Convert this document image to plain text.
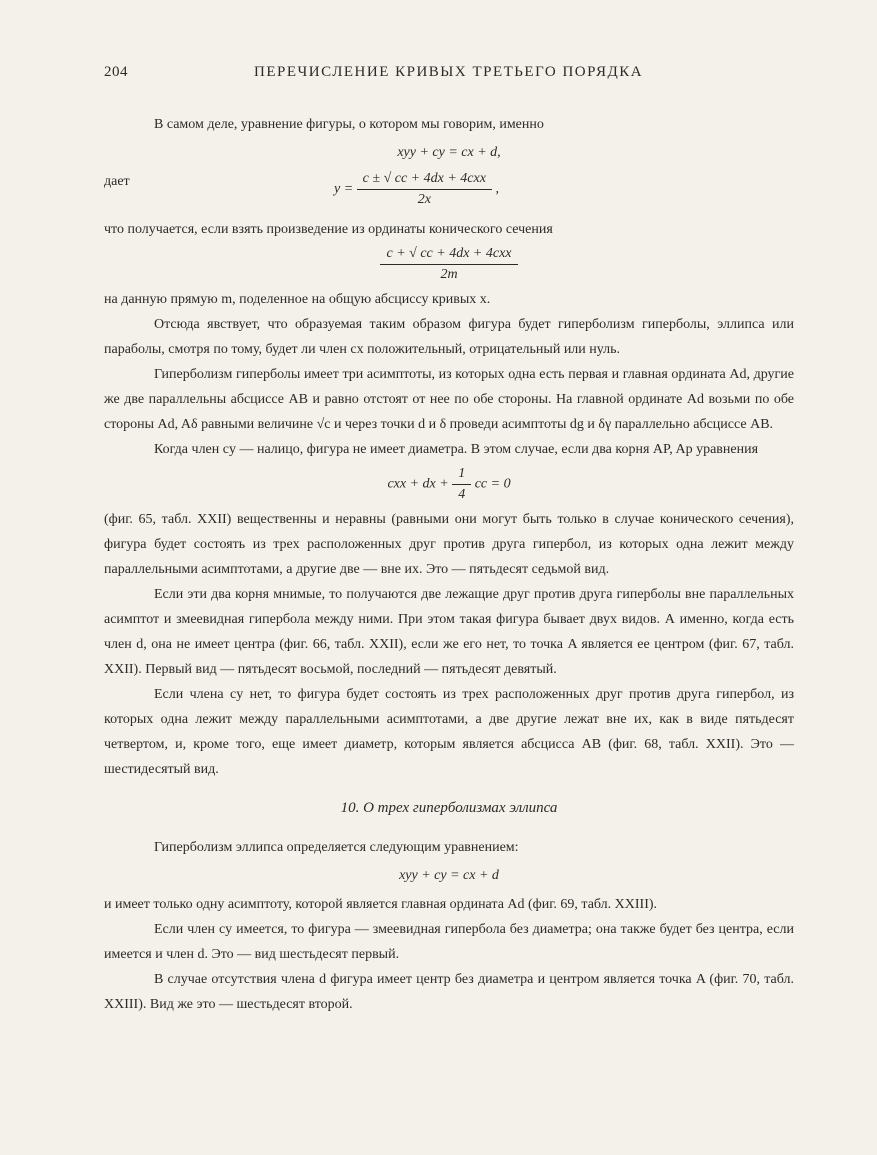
204	ПЕРЕЧИСЛЕНИЕ КРИВЫХ ТРЕТЬЕГО ПОРЯДКА

В самом деле, уравнение фигуры, о котором мы говорим, именно

xyy + cy = cx + d,
дает
$y = \frac{\text{c ± √ cc + 4dx + 4cxx}}{2x}$ ,

что получается, если взять произведение из ординаты конического сечения

$\frac{\text{c + √ cc + 4dx + 4cxx}}{2m}$

на данную прямую m, поделенное на общую абсциссу кривых x.

Отсюда явствует, что образуемая таким образом фигура будет гиперболизм гиперболы, эллипса или параболы, смотря по тому, будет ли член cx положительный, отрицательный или нуль.

Гиперболизм гиперболы имеет три асимптоты, из которых одна есть первая и главная ордината Ad, другие же две параллельны абсциссе AB и равно отстоят от нее по обе стороны. На главной ординате Ad возьми по обе стороны Ad, Aδ равными величине √c и через точки d и δ проведи асимптоты dg и δγ параллельно абсциссе AB.

Когда член cy — налицо, фигура не имеет диаметра. В этом случае, если два корня AP, Ap уравнения

cxx + dx + $\frac{1}{4}$ cc = 0

(фиг. 65, табл. XXII) вещественны и неравны (равными они могут быть только в случае конического сечения), фигура будет состоять из трех расположенных друг против друга гипербол, из которых одна лежит между параллельными асимптотами, а другие две — вне их. Это — пятьдесят седьмой вид.

Если эти два корня мнимые, то получаются две лежащие друг против друга гиперболы вне параллельных асимптот и змеевидная гипербола между ними. При этом такая фигура бывает двух видов. А именно, когда есть член d, она не имеет центра (фиг. 66, табл. XXII), если же его нет, то точка A является ее центром (фиг. 67, табл. XXII). Первый вид — пятьдесят восьмой, последний — пятьдесят девятый.

Если члена cy нет, то фигура будет состоять из трех расположенных друг против друга гипербол, из которых одна лежит между параллельными асимптотами, а две другие лежат вне их, как в виде пятьдесят четвертом, и, кроме того, еще имеет диаметр, которым является абсцисса AB (фиг. 68, табл. XXII). Это — шестидесятый вид.

10. О трех гиперболизмах эллипса

Гиперболизм эллипса определяется следующим уравнением:

xyy + cy = cx + d

и имеет только одну асимптоту, которой является главная ордината Ad (фиг. 69, табл. XXIII).

Если член cy имеется, то фигура — змеевидная гипербола без диаметра; она также будет без центра, если имеется и член d. Это — вид шестьдесят первый.

В случае отсутствия члена d фигура имеет центр без диаметра и центром является точка A (фиг. 70, табл. XXIII). Вид же это — шестьдесят второй.
